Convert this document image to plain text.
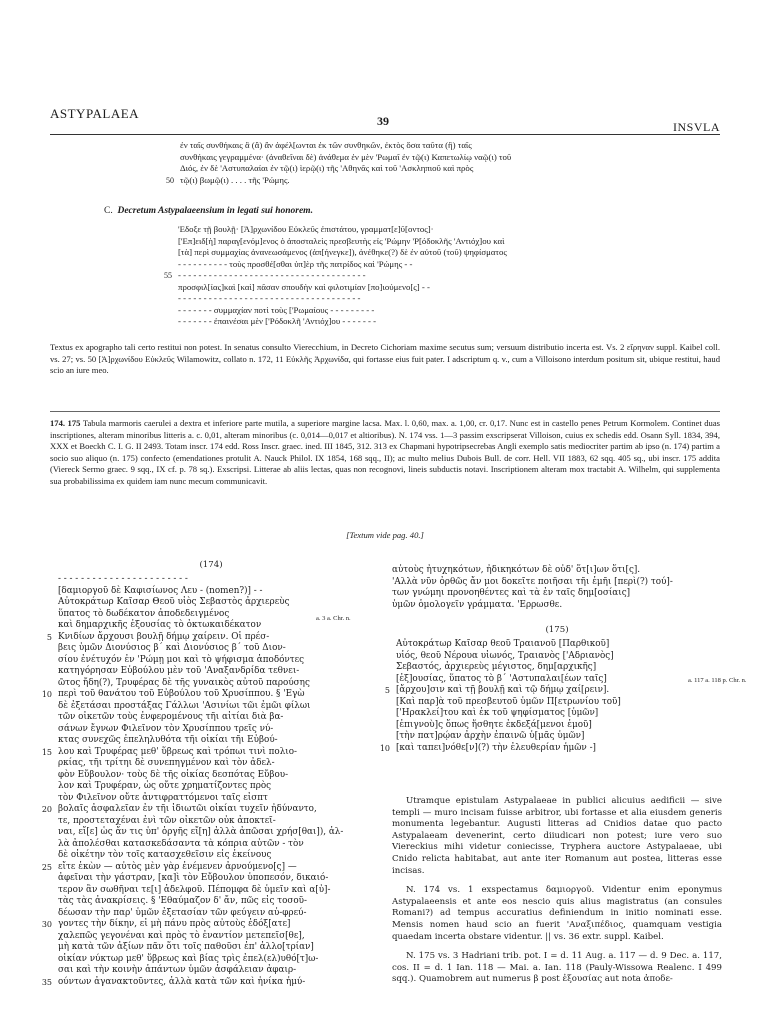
ASTYPALAEA	39	INSVLA
ἐν ταῖς συνθήκαις ἃ (ἂ) ἂν ἀφέλ[ωνται ἐκ τῶν συνθηκῶν, ἐκτὸς ὅσα ταῦτα (ἢ) ταῖς
συνθήκαις γεγραμμένα· (ἀναθεῖναι δὲ) ἀνάθεμα ἐν μὲν 'Ρωμαῖ ἐν τῷ(ι) Καπετωλίῳ ναῷ(ι) τοῦ
Διός, ἐν δὲ 'Αστυπαλαίαι ἐν τῷ(ι) ἱερῷ(ι) τῆς 'Αθηνᾶς καὶ τοῦ 'Ασκληπιοῦ καὶ πρὸς
50 τῷ(ι) βωμῷ(ι) . . . . τῆς 'Ρώμης.
C. Decretum Astypalaeensium in legati sui honorem.
'Εδοξε τῇ βουλῇ· [Ἀ]ρχωνίδου Εὐκλεῦς ἐπιστάτου, γραμματ[ε]ῦ[οντος]·
['Επ]ειδ[ὴ] παραγ[ενόμ]ενος ὁ ἀποσταλεὶς πρεσβευτὴς εἰς 'Ρώμην 'Ρ[όδοκλῆς 'Αντιόχ]ου καὶ
[τὰ] περὶ συμμαχίας ἀνανεωσάμενος (ἀπ[ήνεγκε]), ἀνέθηκε(?) δὲ ἐν αὐτοῦ (τοῦ) ψηφίσματος
- - - - - - - - - - τοὺς προσθέ[σθαι ὑπ]ὲρ τῆς πατρίδος καὶ 'Ρώμης - -
55 - - - - - - - - - - - - - - - - - - - - - - - - - - - - - - - - - - - - -
προσφιλ[ίας]καὶ [καὶ] πᾶσαν σπουδὴν καὶ φιλοτιμίαν [πο]ιούμενο[ς] - -
- - - - - - - - - - - - - - - - - - - - - - - - - - - - - - - - - - - -
- - - - - - - συμμαχίαν ποτὶ τοὺς ['Ρωμαίους - - - - - - - - -
- - - - - - - ἐπαινέσαι μὲν ['Ρόδοκλῆ 'Αντιόχ]ου - - - - - - -
Textus ex apographo tali certo restitui non potest. In senatus consulto Vierecchium, in Decreto Cichoriam maxime secutus sum; versuum distributio incerta est. Vs. 2 εἴρηναν suppl. Kaibel coll. vs. 27; vs. 50 [Ἀ]ρχωνίδου Εὐκλεῦς Wilamowitz, collato n. 172, 11 Εὐκλῆς Ἀρχωνίδα, qui fortasse eius fuit pater. I adscriptum q. v., cum a Villoisono interdum positum sit, ubique restitui, haud scio an iure meo.
174. 175 Tabula marmoris caerulei a dextra et inferiore parte mutila, a superiore margine lacsa. Max. l. 0,60, max. a. 1,00, cr. 0,17. Nunc est in castello penes Petrum Kormolem. Continet duas inscriptiones, alteram minoribus litteris a. c. 0,01, alteram minoribus (c. 0,014—0,017 et altioribus). N. 174 vss. 1—3 passim exscripserat Villoison, cuius ex schedis edd. Osann Syll. 1834, 394, XXX et Boeckh C. I. G. II 2493. Totam inscr. 174 edd. Ross Inscr. graec. ined. III 1845, 312. 313 ex Chapmani hypotripsecrebas Angli exemplo satis mediocriter partim ab ipso (n. 174) partim a socio suo aliquo (n. 175) confecto (emendationes protulit A. Nauck Philol. IX 1854, 168 sqq., II); ac multo melius Dubois Bull. de corr. Hell. VII 1883, 62 sqq. 405 sq., ubi inscr. 175 addita (Viereck Sermo graec. 9 sqq., IX cf. p. 78 sq.). Exscripsi. Litterae ab aliis lectas, quas non recognovi, lineis subductis notavi. Inscriptionem alteram mox tractabit A. Wilhelm, qui supplementa sua probabilissima ex quidem iam nunc mecum communicavit.
[Textum vide pag. 40.]
(174)
- - - - - - - - - - - - - - - - - - - - - - -
[δαμιοργοῦ δὲ Καφισίωνος Λευ - (nomen?)] - -
Αὐτοκράτωρ Καῖσαρ Θεοῦ υἱὸς Σεβαστὸς ἀρχιερεὺς
ὕπατος τὸ δωδέκατον ἀποδεδειγμένος
καὶ δημαρχικῆς ἐξουσίας τὸ ὀκτωκαιδέκατον
5 Κνιδίων ἄρχουσι βουλῇ δήμῳ χαίρειν. Οἱ πρέσ-
βεις ὑμῶν Διονύσιος β΄ καὶ Διονύσιος β΄ τοῦ Διον-
σίου ἐνέτυχόν ἐν 'Ρώμῃ μοι καὶ τὸ ψήφισμα ἀποδόντες
κατηγόρησαν Εὐβούλου μὲν τοῦ 'Αναξανδρίδα τεθνει-
ῶτος ἤδη(?), Τρυφέρας δὲ τῆς γυναικὸς αὐτοῦ παρούσης
10 περὶ τοῦ θανάτου τοῦ Εὐβούλου τοῦ Χρυσίππου. § 'Εγὼ
δὲ ἐξετάσαι προστάξας Γάλλωι 'Ασινίωι τῶι ἐμῶι φίλωι
τῶν οἰκετῶν τοὺς ἐνφερομένους τῆι αἰτίαι διὰ βα-
σάνων ἔγνων Φιλεῖνον τὸν Χρυσίππου τρεῖς νύ-
κτας συνεχῶς ἐπεληλυθότα τῆι οἰκίαι τῆι Εὐβού-
15 λου καὶ Τρυφέρας μεθ' ὕβρεως καὶ τρόπωι τινὶ πολιο-
ρκίας, τῆι τρίτηι δὲ συνεπηγμένον καὶ τὸν ἀδελ-
φὸν Εὔβουλον· τοὺς δὲ τῆς οἰκίας δεσπότας Εὔβου-
λον καὶ Τρυφέραν, ὡς οὔτε χρηματίζοντες πρὸς
τὸν Φιλεῖνον οὔτε ἀντιφραττόμενοι ταῖς εἰσπτ
20 βολαῖς ἀσφαλεῖαν ἐν τῆι ἰδιωτῶι οἰκίαι τυχεῖν ἠδύναντο,
τε, προστεταχέναι ἐνὶ τῶν οἰκετῶν οὐκ ἀποκτεῖ-
ναι, εἴ[ε] ὡς ἄν τις ὑπ' ὀργῆς εἴ[η] ἀλλὰ ἀπῶσαι χρήσ[θαι]), ἀλ-
λὰ ἀπολέσθαι κατασκεδάσαντα τὰ κόπρια αὐτῶν - τὸν
δὲ οἰκέτην τὸν τοῖς κατασχεθεῖσιν εἰς ἐκείνους
25 εἴτε ἑκὼν — αὐτὸς μὲν γὰρ ἐνέμενεν ἀρνούμενο[ς] —
ἀφεῖναι τὴν γάστραν, [κα]ὶ τὸν Εὔβουλον ὑποπεσόν, δικαιό-
τερον ἂν σωθῆναι τε[ι] ἀδελφοῦ. Πέπομφα δὲ ὑμεῖν καὶ α[ὐ]-
τὰς τὰς ἀνακρίσεις. § 'Εθαύμαζον δ' ἄν, πῶς εἰς τοσοῦ-
δέωσαν τὴν παρ' ὑμῶν ἐξετασίαν τῶν φεύγειν αὐ-φρεύ-
30 γοντες τὴν δίκην, εἰ μὴ πάνυ πρὸς αὐτοὺς ἐδόξ[ατε]
χαλεπῶς γεγονέναι καὶ πρὸς τὸ ἐναντίον μετεπεῖσ[θε],
μὴ κατὰ τῶν ἀξίων πᾶν ὅτι τοῖς παθοῦσι ἐπ' ἀλλο[τρίαν]
οἰκίαν νύκτωρ μεθ' ὕβρεως καὶ βίας τρὶς ἐπελ(ελ)υθό[τ]ω-
σαι καὶ τὴν κοινὴν ἁπάντων ὑμῶν ἀσφάλειαν ἀφαιρ-
35 ούντων ἀγανακτοῦντες, ἀλλὰ κατὰ τῶν καὶ ἡνίκα ἠμύ-
a. 3 a. Chr. n.
αὐτοὺς ἠτυχηκότων, ἠδικηκότων δὲ οὐδ' ὅτ[ι]ων ὅτι[ς].
'Αλλὰ νῦν ὀρθῶς ἄν μοι δοκεῖτε ποιῆσαι τῆι ἐμῆι [περὶ(?) τού]-
των γνώμηι προνοηθέντες καὶ τὰ ἐν ταῖς δημ[οσίαις]
ὑμῶν ὁμολογεῖν γράμματα. 'Ερρωσθε.
(175)
Αὐτοκράτωρ Καῖσαρ θεοῦ Τραιανοῦ [Παρθικοῦ]
υἱός, θεοῦ Νέρουα υἱωνός, Τραιανὸς ['Αδριανὸς]
Σεβαστός, ἀρχιερεὺς μέγιστος, δημ[αρχικῆς]
[ἐξ]ουσίας, ὕπατος τὸ β΄ 'Αστυπαλαι[έων ταῖς]
5 [ἄρχου]σιν καὶ τῇ βουλῇ καὶ τῷ δήμῳ χαί[ρειν].
[Καὶ παρ]ὰ τοῦ πρεσβευτοῦ ὑμῶν Π[ετρωνίου τοῦ]
['Ηρακλεί]του καὶ ἐκ τοῦ ψηφίσματος [ὑμῶν]
[ἐπιγνοὺ]ς ὅπως ἥσθητε ἐκδεξά[μενοι ἐμοῦ]
[τὴν πατ]ρῴαν ἀρχὴν ἐπαινῶ ὑ[μᾶς ὑμῶν]
10 [καὶ ταπει]νόθε[ν](?) τὴν ἐλευθερίαν ἡμῶν -]
Utramque epistulam Astypalaeae in publici alicuius aedificii — sive templi — muro incisam fuisse arbitror, ubi fortasse et alia eiusdem generis monumenta legebantur. Augusti litteras ad Cnidios datae quo pacto Astypalaeam devenerint, certo diiudicari non potest; iure vero suo Viereckius mihi videtur coniecisse, Tryphera auctore Astypalaeae, ubi Cnido relicta habitabat, aut ante iter Romanum aut postea, litteras esse incisas.
N. 174 vs. 1 exspectamus δαμιοργοῦ. Videntur enim eponymus Astypalaeensis et ante eos nescio quis alius magistratus (an consules Romani?) ad tempus accuratius definiendum in initio nominati esse. Mensis nomen haud scio an fuerit 'Αναξιπέδιος, quamquam vestigia quaedam incerta obstare videntur. || vs. 36 extr. suppl. Kaibel.
N. 175 vs. 3 Hadriani trib. pot. I = d. 11 Aug. a. 117 — d. 9 Dec. a. 117, cos. II = d. 1 Ian. 118 — Mai. a. Ian. 118 (Pauly-Wissowa Realenc. I 499 sqq.). Quamobrem aut numerus β post ἐξουσίας aut nota ἀποδε-
a. 117 a. 118 p. Chr. n.
